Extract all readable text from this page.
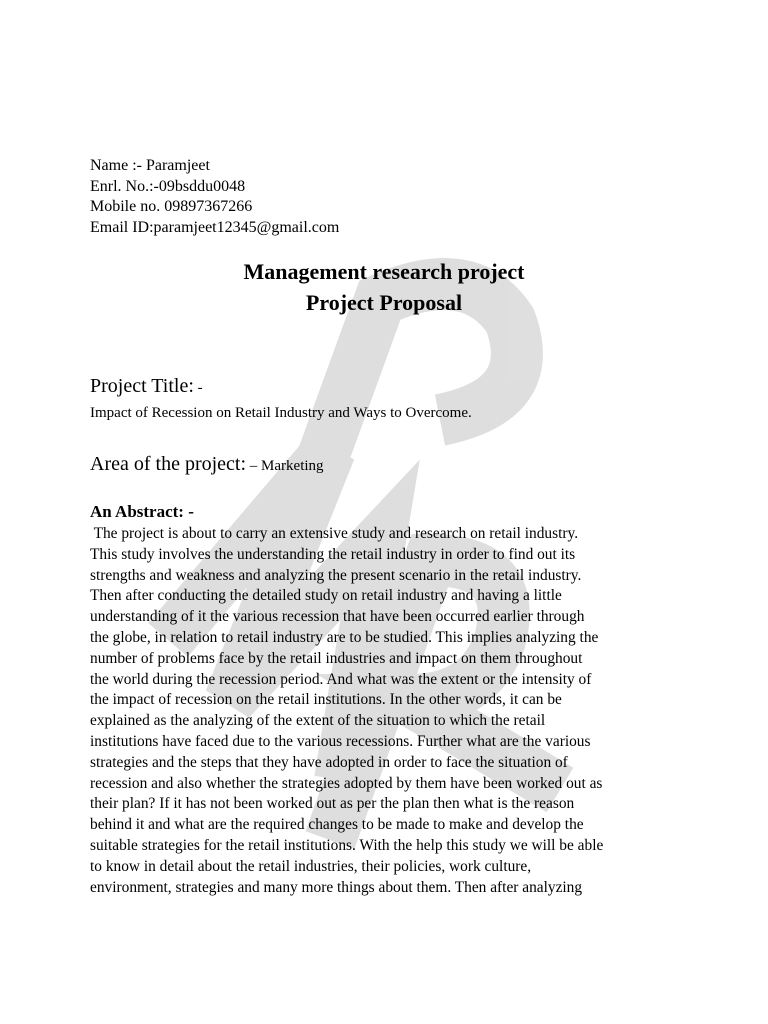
Name :- Paramjeet

Enrl. No.:-09bsddu0048

Mobile no. 09897367266

Email ID:paramjeet12345@gmail.com

Management research project

Project Proposal

Project Title: -

Impact of Recession on Retail Industry and Ways to Overcome.

Area of the project: – Marketing

An Abstract: -

The project is about to carry an extensive study and research on retail industry.

This study involves the understanding the retail industry in order to find out its

strengths and weakness and analyzing the present scenario in the retail industry.

Then after conducting the detailed study on retail industry and having a little

understanding of it the various recession that have been occurred earlier through

the globe, in relation to retail industry are to be studied. This implies analyzing the

number of problems face by the retail industries and impact on them throughout

the world during the recession period. And what was the extent or the intensity of

the impact of recession on the retail institutions. In the other words, it can be

explained as the analyzing of the extent of the situation to which the retail

institutions have faced due to the various recessions. Further what are the various

strategies and the steps that they have adopted in order to face the situation of

recession and also whether the strategies adopted by them have been worked out as

their plan? If it has not been worked out as per the plan then what is the reason

behind it and what are the required changes to be made to make and develop the

suitable strategies for the retail institutions. With the help this study we will be able

to know in detail about the retail industries, their policies, work culture,

environment, strategies and many more things about them. Then after analyzing
